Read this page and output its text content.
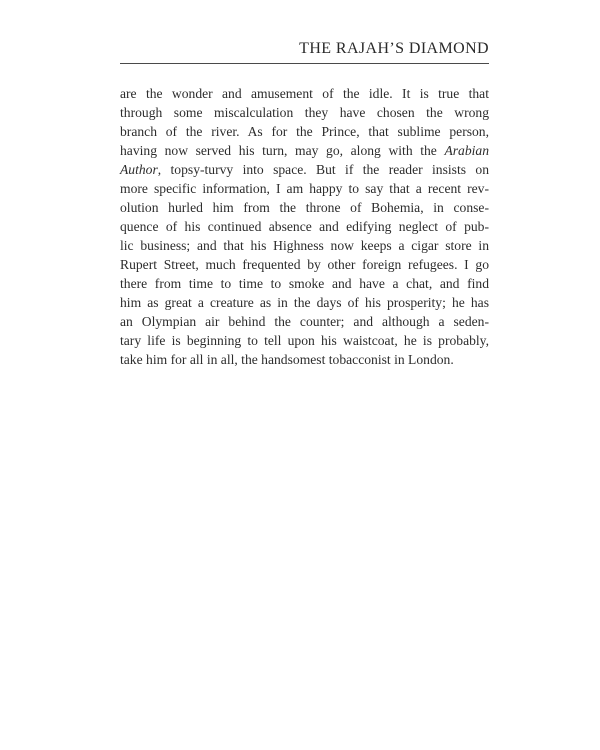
THE RAJAH’S DIAMOND
are the wonder and amusement of the idle. It is true that
through some miscalculation they have chosen the wrong
branch of the river. As for the Prince, that sublime person,
having now served his turn, may go, along with the Arabian
Author, topsy-turvy into space. But if the reader insists on
more specific information, I am happy to say that a recent rev-
olution hurled him from the throne of Bohemia, in conse-
quence of his continued absence and edifying neglect of pub-
lic business; and that his Highness now keeps a cigar store in
Rupert Street, much frequented by other foreign refugees. I go
there from time to time to smoke and have a chat, and find
him as great a creature as in the days of his prosperity; he has
an Olympian air behind the counter; and although a seden-
tary life is beginning to tell upon his waistcoat, he is probably,
take him for all in all, the handsomest tobacconist in London.
